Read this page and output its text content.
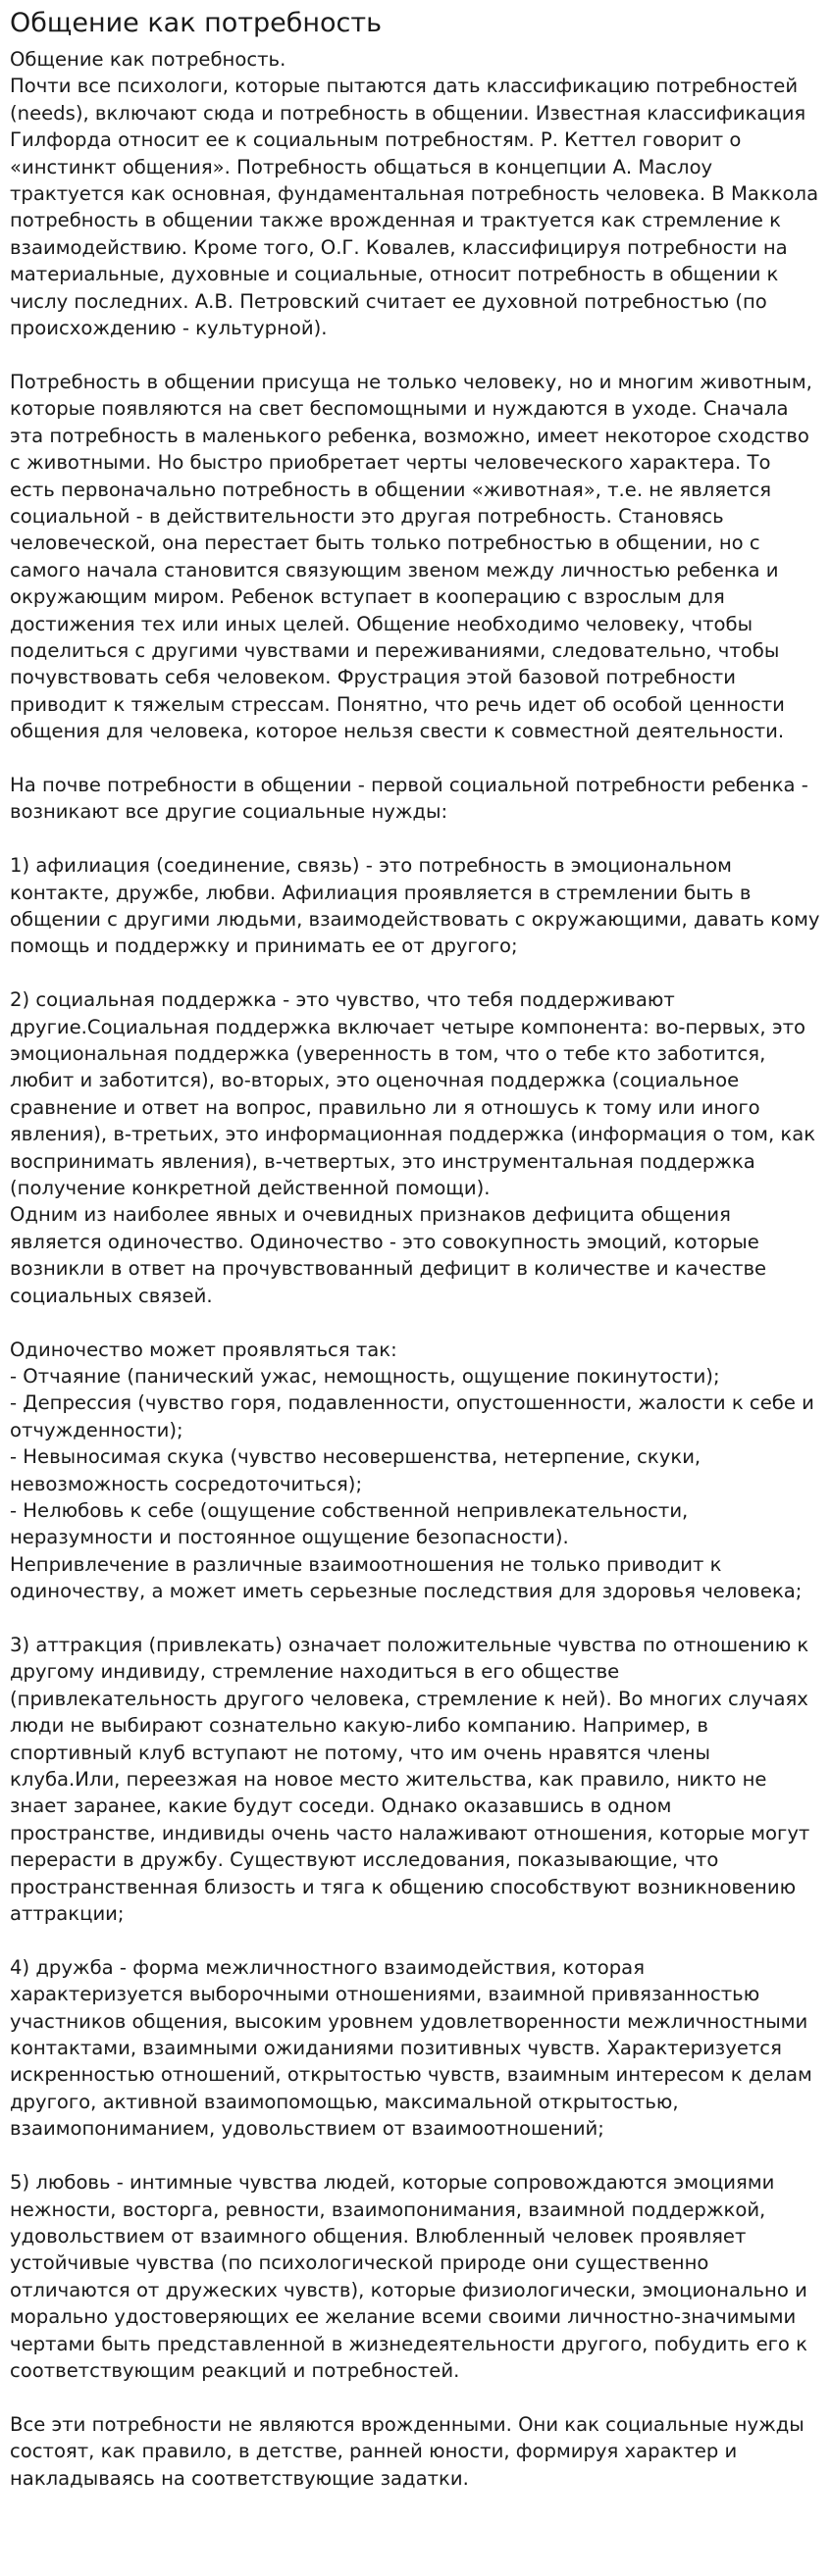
Общение как потребность
Общение как потребность.
Почти все психологи, которые пытаются дать классификацию потребностей (needs), включают сюда и потребность в общении. Известная классификация Гилфорда относит ее к социальным потребностям. Р. Кеттел говорит о «инстинкт общения». Потребность общаться в концепции А. Маслоу трактуется как основная, фундаментальная потребность человека. В Маккола потребность в общении также врожденная и трактуется как стремление к взаимодействию. Кроме того, О.Г. Ковалев, классифицируя потребности на материальные, духовные и социальные, относит потребность в общении к числу последних. А.В. Петровский считает ее духовной потребностью (по происхождению - культурной).

Потребность в общении присуща не только человеку, но и многим животным, которые появляются на свет беспомощными и нуждаются в уходе. Сначала эта потребность в маленького ребенка, возможно, имеет некоторое сходство с животными. Но быстро приобретает черты человеческого характера. То есть первоначально потребность в общении «животная», т.е. не является социальной - в действительности это другая потребность. Становясь человеческой, она перестает быть только потребностью в общении, но с самого начала становится связующим звеном между личностью ребенка и окружающим миром. Ребенок вступает в кооперацию с взрослым для достижения тех или иных целей. Общение необходимо человеку, чтобы поделиться с другими чувствами и переживаниями, следовательно, чтобы почувствовать себя человеком. Фрустрация этой базовой потребности приводит к тяжелым стрессам. Понятно, что речь идет об особой ценности общения для человека, которое нельзя свести к совместной деятельности.

На почве потребности в общении - первой социальной потребности ребенка - возникают все другие социальные нужды:

1) афилиация (соединение, связь) - это потребность в эмоциональном контакте, дружбе, любви. Афилиация проявляется в стремлении быть в общении с другими людьми, взаимодействовать с окружающими, давать кому помощь и поддержку и принимать ее от другого;

2) социальная поддержка - это чувство, что тебя поддерживают другие.Социальная поддержка включает четыре компонента: во-первых, это эмоциональная поддержка (уверенность в том, что о тебе кто заботится, любит и заботится), во-вторых, это оценочная поддержка (социальное сравнение и ответ на вопрос, правильно ли я отношусь к тому или иного явления), в-третьих, это информационная поддержка (информация о том, как воспринимать явления), в-четвертых, это инструментальная поддержка (получение конкретной действенной помощи).
Одним из наиболее явных и очевидных признаков дефицита общения является одиночество. Одиночество - это совокупность эмоций, которые возникли в ответ на прочувствованный дефицит в количестве и качестве социальных связей.

Одиночество может проявляться так:
- Отчаяние (панический ужас, немощность, ощущение покинутости);
- Депрессия (чувство горя, подавленности, опустошенности, жалости к себе и отчужденности);
- Невыносимая скука (чувство несовершенства, нетерпение, скуки, невозможность сосредоточиться);
- Нелюбовь к себе (ощущение собственной непривлекательности, неразумности и постоянное ощущение безопасности).
Непривлечение в различные взаимоотношения не только приводит к одиночеству, а может иметь серьезные последствия для здоровья человека;

3) аттракция (привлекать) означает положительные чувства по отношению к другому индивиду, стремление находиться в его обществе (привлекательность другого человека, стремление к ней). Во многих случаях люди не выбирают сознательно какую-либо компанию. Например, в спортивный клуб вступают не потому, что им очень нравятся члены клуба.Или, переезжая на новое место жительства, как правило, никто не знает заранее, какие будут соседи. Однако оказавшись в одном пространстве, индивиды очень часто налаживают отношения, которые могут перерасти в дружбу. Существуют исследования, показывающие, что пространственная близость и тяга к общению способствуют возникновению аттракции;

4) дружба - форма межличностного взаимодействия, которая характеризуется выборочными отношениями, взаимной привязанностью участников общения, высоким уровнем удовлетворенности межличностными контактами, взаимными ожиданиями позитивных чувств. Характеризуется искренностью отношений, открытостью чувств, взаимным интересом к делам другого, активной взаимопомощью, максимальной открытостью, взаимопониманием, удовольствием от взаимоотношений;

5) любовь - интимные чувства людей, которые сопровождаются эмоциями нежности, восторга, ревности, взаимопонимания, взаимной поддержкой, удовольствием от взаимного общения. Влюбленный человек проявляет устойчивые чувства (по психологической природе они существенно отличаются от дружеских чувств), которые физиологически, эмоционально и морально удостоверяющих ее желание всеми своими личностно-значимыми чертами быть представленной в жизнедеятельности другого, побудить его к соответствующим реакций и потребностей.

Все эти потребности не являются врожденными. Они как социальные нужды состоят, как правило, в детстве, ранней юности, формируя характер и накладываясь на соответствующие задатки.
